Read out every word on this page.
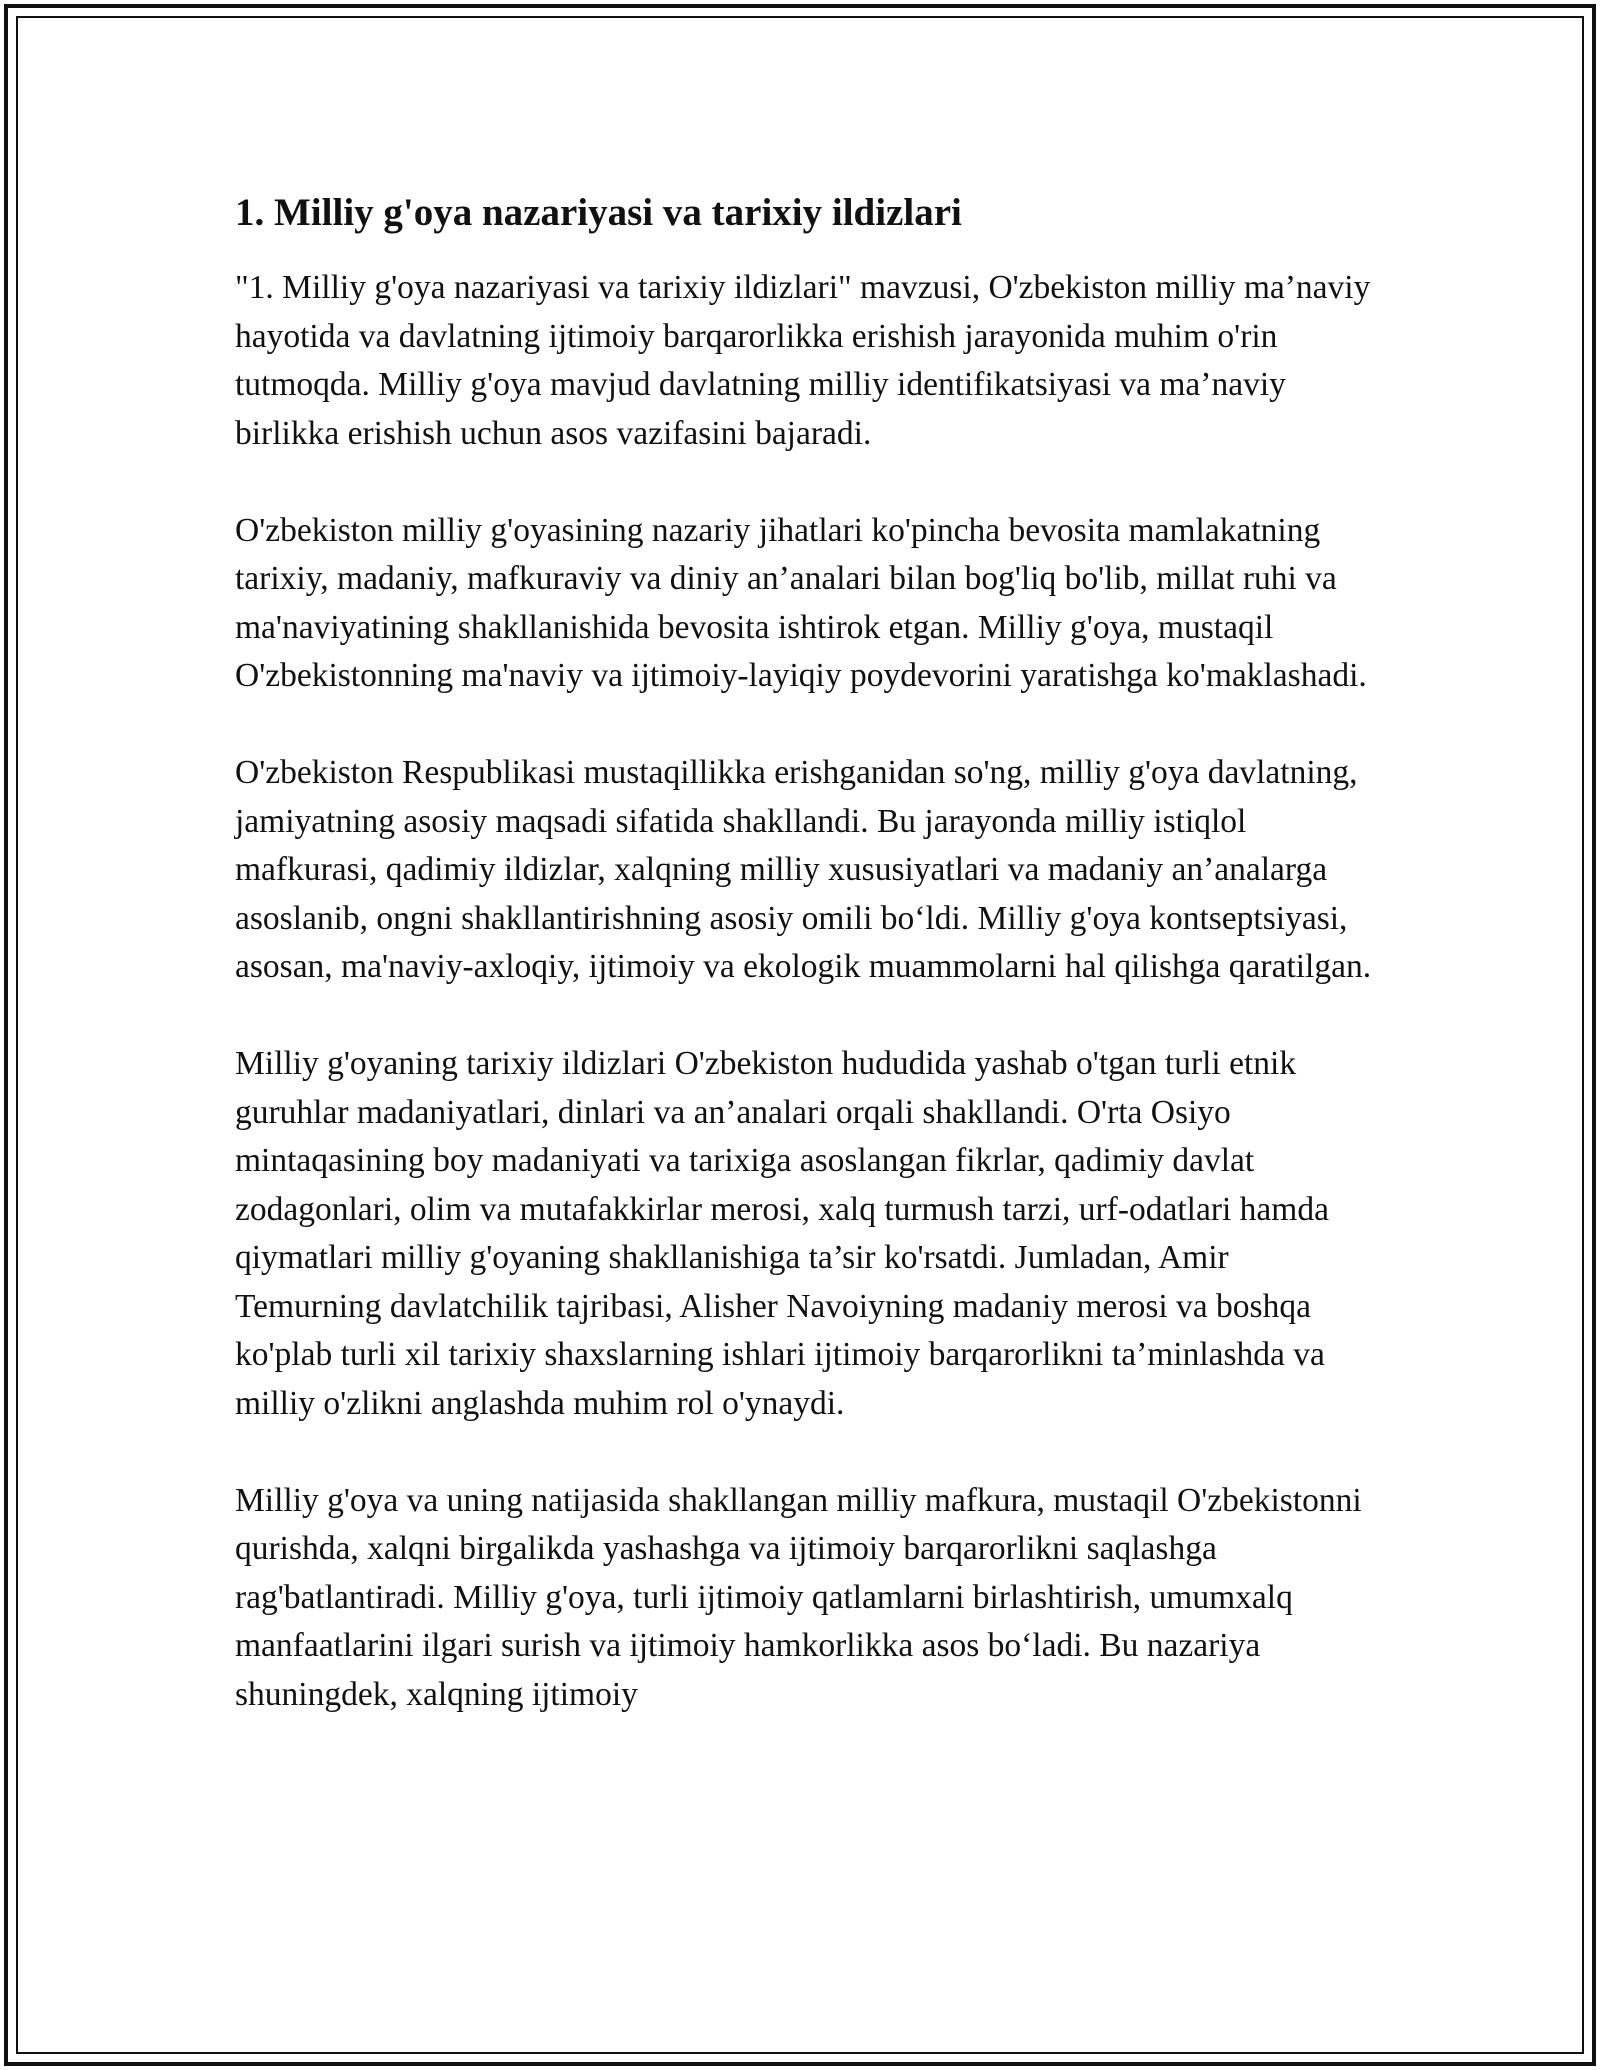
1. Milliy g'oya nazariyasi va tarixiy ildizlari

"1. Milliy g'oya nazariyasi va tarixiy ildizlari" mavzusi, O'zbekiston milliy ma’naviy hayotida va davlatning ijtimoiy barqarorlikka erishish jarayonida muhim o'rin tutmoqda. Milliy g'oya mavjud davlatning milliy identifikatsiyasi va ma’naviy birlikka erishish uchun asos vazifasini bajaradi.

O'zbekiston milliy g'oyasining nazariy jihatlari ko'pincha bevosita mamlakatning tarixiy, madaniy, mafkuraviy va diniy an’analari bilan bog'liq bo'lib, millat ruhi va ma'naviyatining shakllanishida bevosita ishtirok etgan. Milliy g'oya, mustaqil O'zbekistonning ma'naviy va ijtimoiy-layiqiy poydevorini yaratishga ko'maklashadi.

O'zbekiston Respublikasi mustaqillikka erishganidan so'ng, milliy g'oya davlatning, jamiyatning asosiy maqsadi sifatida shakllandi. Bu jarayonda milliy istiqlol mafkurasi, qadimiy ildizlar, xalqning milliy xususiyatlari va madaniy an’analarga asoslanib, ongni shakllantirishning asosiy omili bo‘ldi. Milliy g'oya kontseptsiyasi, asosan, ma'naviy-axloqiy, ijtimoiy va ekologik muammolarni hal qilishga qaratilgan.

Milliy g'oyaning tarixiy ildizlari O'zbekiston hududida yashab o'tgan turli etnik guruhlar madaniyatlari, dinlari va an’analari orqali shakllandi. O'rta Osiyo mintaqasining boy madaniyati va tarixiga asoslangan fikrlar, qadimiy davlat zodagonlari, olim va mutafakkirlar merosi, xalq turmush tarzi, urf-odatlari hamda qiymatlari milliy g'oyaning shakllanishiga ta’sir ko'rsatdi. Jumladan, Amir Temurning davlatchilik tajribasi, Alisher Navoiyning madaniy merosi va boshqa ko'plab turli xil tarixiy shaxslarning ishlari ijtimoiy barqarorlikni ta’minlashda va milliy o'zlikni anglashda muhim rol o'ynaydi.

Milliy g'oya va uning natijasida shakllangan milliy mafkura, mustaqil O'zbekistonni qurishda, xalqni birgalikda yashashga va ijtimoiy barqarorlikni saqlashga rag'batlantiradi. Milliy g'oya, turli ijtimoiy qatlamlarni birlashtirish, umumxalq manfaatlarini ilgari surish va ijtimoiy hamkorlikka asos bo‘ladi. Bu nazariya shuningdek, xalqning ijtimoiy
